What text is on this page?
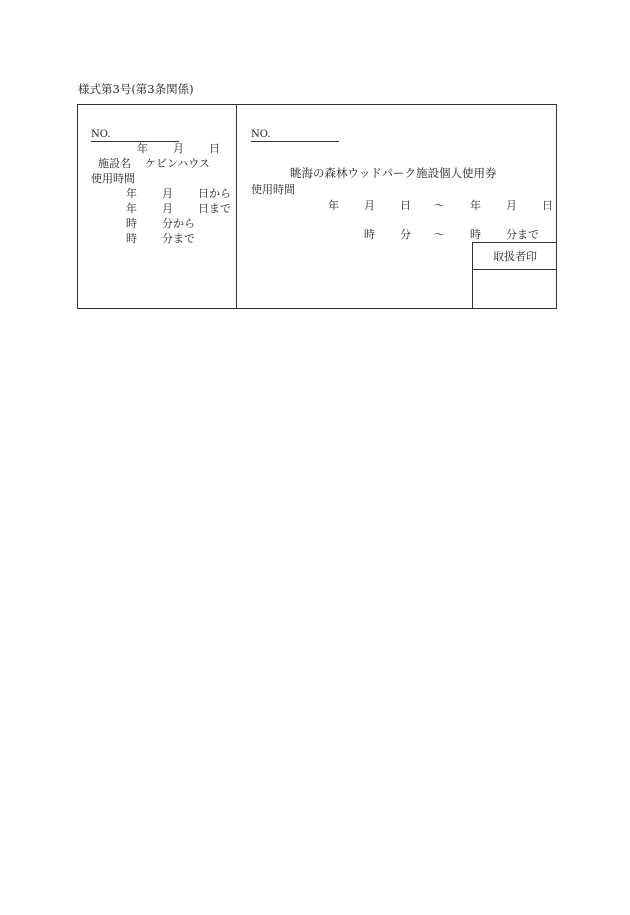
様式第3号(第3条関係)
NO.
年 月 日
施設名 ケビンハウス
使用時間
年 月 日から
年 月 日まで
時 分から
時 分まで
NO.
眺海の森林ウッドパーク施設個人使用券
使用時間
年 月 日 〜 年 月 日
時 分 〜 時 分まで
取扱者印
